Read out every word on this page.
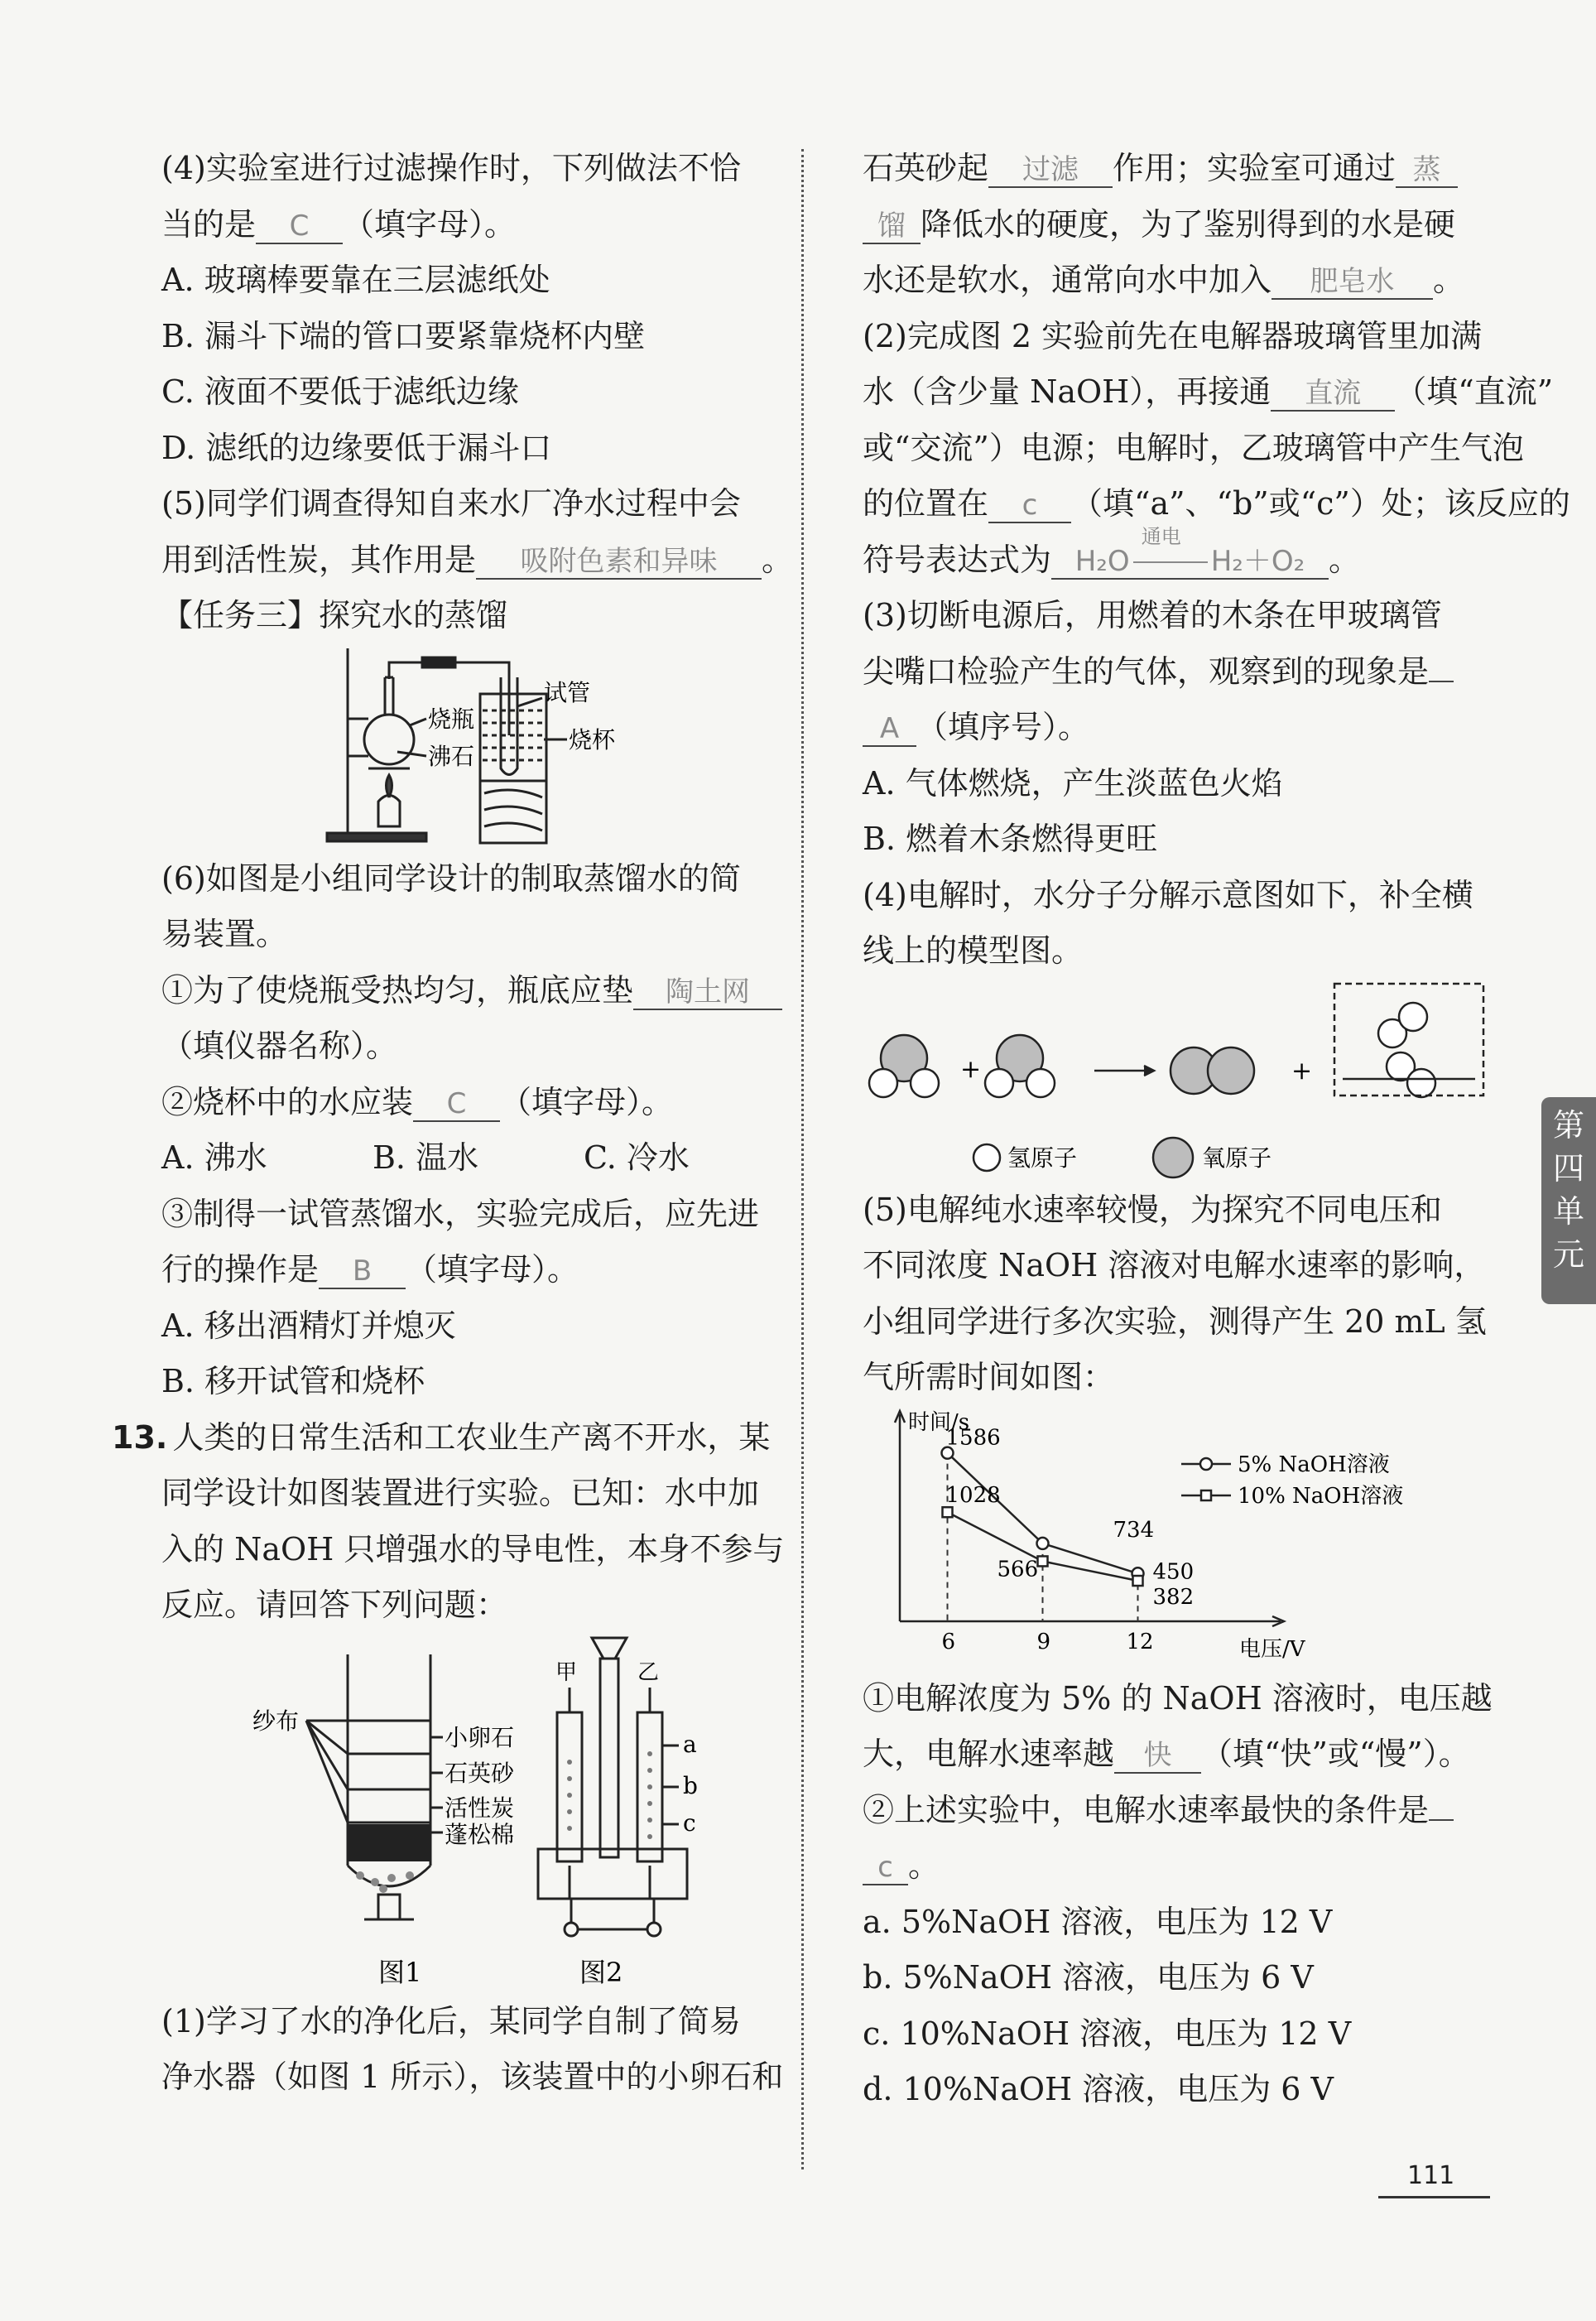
(4)实验室进行过滤操作时，下列做法不恰
当的是 C （填字母）。
A. 玻璃棒要靠在三层滤纸处
B. 漏斗下端的管口要紧靠烧杯内壁
C. 液面不要低于滤纸边缘
D. 滤纸的边缘要低于漏斗口
(5)同学们调查得知自来水厂净水过程中会
用到活性炭，其作用是 吸附色素和异味 。
【任务三】探究水的蒸馏
烧瓶
沸石
试管
烧杯
(6)如图是小组同学设计的制取蒸馏水的简
易装置。
①为了使烧瓶受热均匀，瓶底应垫 陶土网
（填仪器名称）。
②烧杯中的水应装 C （填字母）。
A. 沸水	B. 温水	C. 冷水
③制得一试管蒸馏水，实验完成后，应先进
行的操作是 B （填字母）。
A. 移出酒精灯并熄灭
B. 移开试管和烧杯
13. 人类的日常生活和工农业生产离不开水，某
同学设计如图装置进行实验。已知：水中加
入的 NaOH 只增强水的导电性，本身不参与
反应。请回答下列问题：
纱布
小卵石
石英砂
活性炭
蓬松棉
图1
甲	乙
a
b
c
图2
(1)学习了水的净化后，某同学自制了简易
净水器（如图 1 所示），该装置中的小卵石和
石英砂起 过滤 作用；实验室可通过 蒸
馏 降低水的硬度，为了鉴别得到的水是硬
水还是软水，通常向水中加入 肥皂水 。
(2)完成图 2 实验前先在电解器玻璃管里加满
水（含少量 NaOH），再接通 直流 （填“直流”
或“交流”）电源；电解时，乙玻璃管中产生气泡
的位置在 c （填“a”、“b”或“c”）处；该反应的
符号表达式为 H₂O
通电
H₂＋O₂ 。
(3)切断电源后，用燃着的木条在甲玻璃管
尖嘴口检验产生的气体，观察到的现象是
A （填序号）。
A. 气体燃烧，产生淡蓝色火焰
B. 燃着木条燃得更旺
(4)电解时，水分子分解示意图如下，补全横
线上的模型图。
+	+
氢原子	氧原子
(5)电解纯水速率较慢，为探究不同电压和
不同浓度 NaOH 溶液对电解水速率的影响，
小组同学进行多次实验，测得产生 20 mL 氢
气所需时间如图：
时间/s
电压/V
6	9	12
1586
734
450
5% NaOH溶液
1028
566
382
10% NaOH溶液
①电解浓度为 5% 的 NaOH 溶液时，电压越
大，电解水速率越 快 （填“快”或“慢”）。
②上述实验中，电解水速率最快的条件是
c 。
a. 5%NaOH 溶液，电压为 12 V
b. 5%NaOH 溶液，电压为 6 V
c. 10%NaOH 溶液，电压为 12 V
d. 10%NaOH 溶液，电压为 6 V
第四单元
111
